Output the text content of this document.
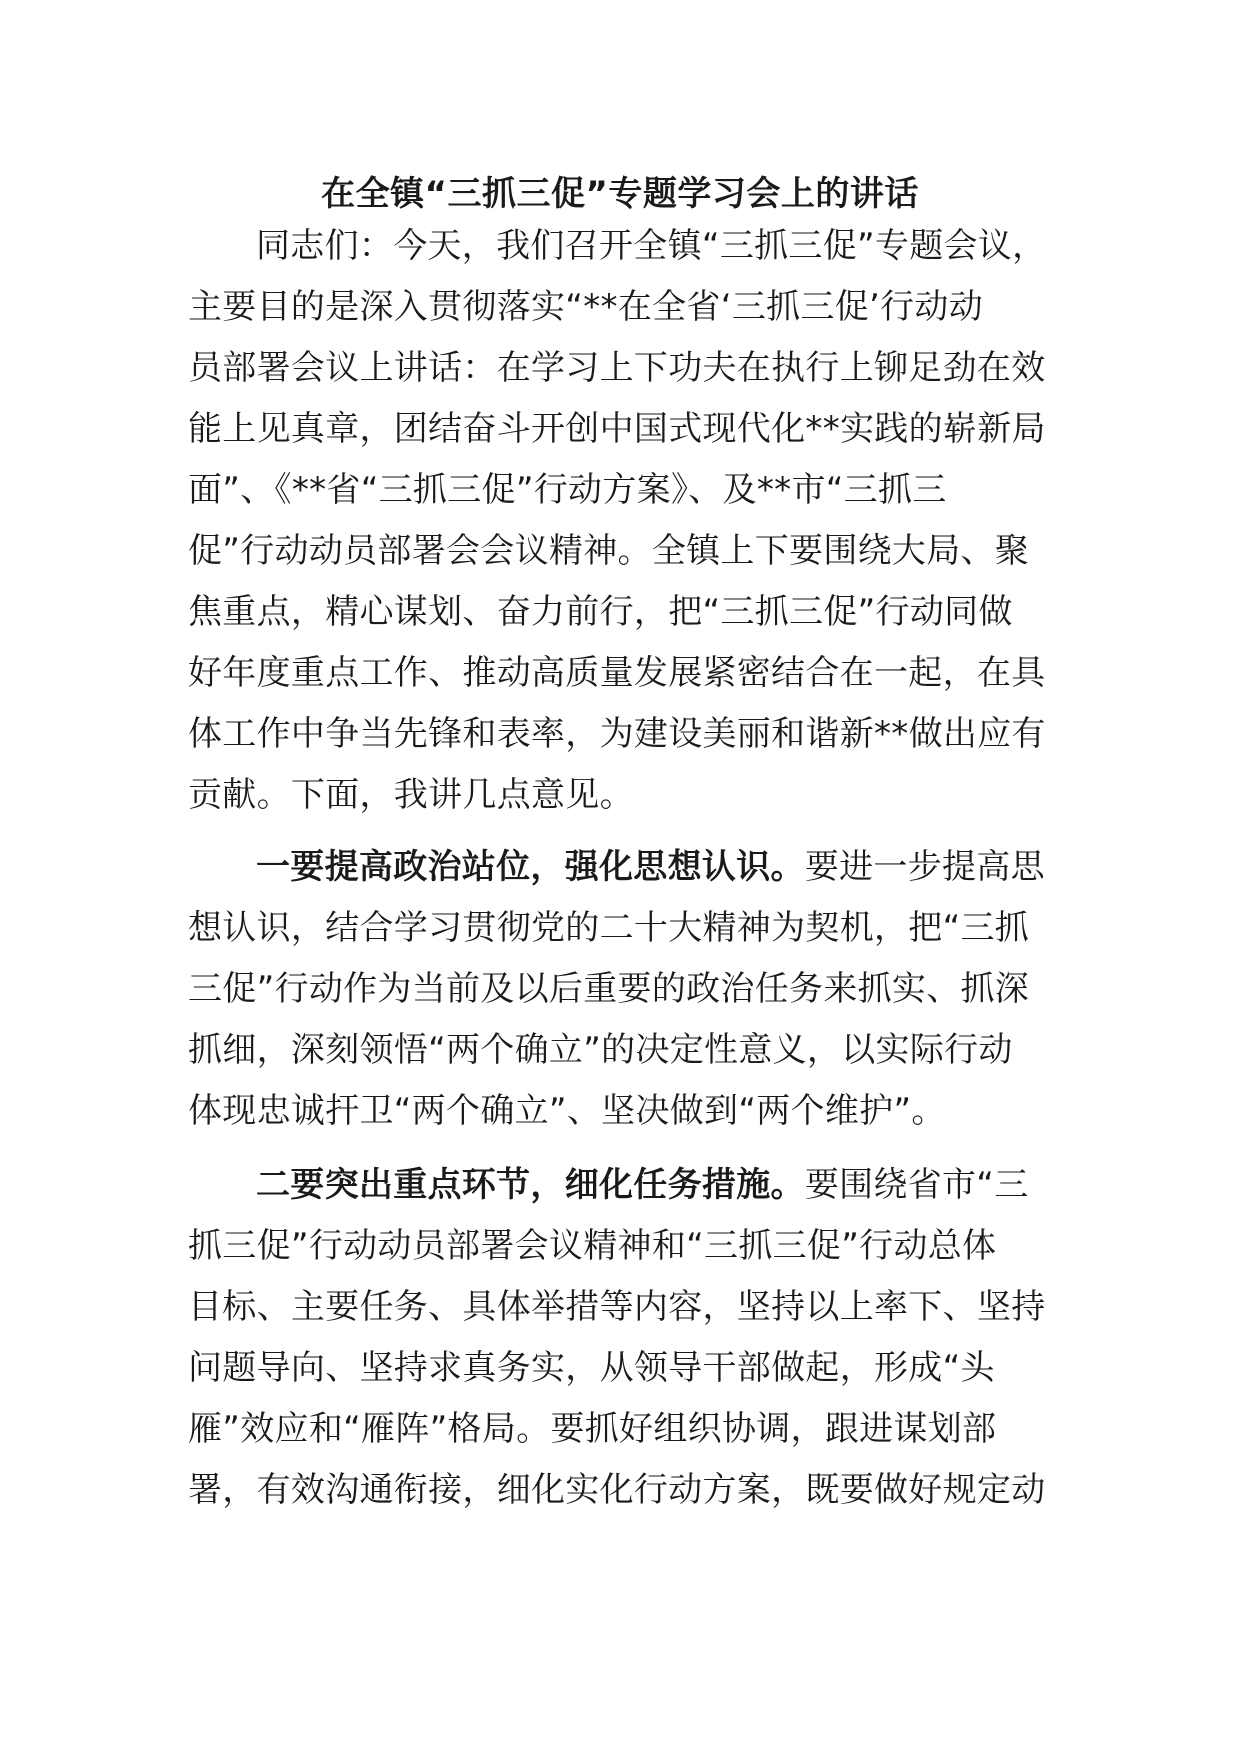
在全镇“三抓三促”专题学习会上的讲话
同志们：今天，我们召开全镇“三抓三促”专题会议，
主要目的是深入贯彻落实“**在全省‘三抓三促’行动动
员部署会议上讲话：在学习上下功夫在执行上铆足劲在效
能上见真章，团结奋斗开创中国式现代化**实践的崭新局
面”、《**省“三抓三促”行动方案》、及**市“三抓三
促”行动动员部署会会议精神。全镇上下要围绕大局、聚
焦重点，精心谋划、奋力前行，把“三抓三促”行动同做
好年度重点工作、推动高质量发展紧密结合在一起，在具
体工作中争当先锋和表率，为建设美丽和谐新**做出应有
贡献。下面，我讲几点意见。
一要提高政治站位，强化思想认识。要进一步提高思
想认识，结合学习贯彻党的二十大精神为契机，把“三抓
三促”行动作为当前及以后重要的政治任务来抓实、抓深
抓细，深刻领悟“两个确立”的决定性意义，以实际行动
体现忠诚扞卫“两个确立”、坚决做到“两个维护”。
二要突出重点环节，细化任务措施。要围绕省市“三
抓三促”行动动员部署会议精神和“三抓三促”行动总体
目标、主要任务、具体举措等内容，坚持以上率下、坚持
问题导向、坚持求真务实，从领导干部做起，形成“头
雁”效应和“雁阵”格局。要抓好组织协调，跟进谋划部
署，有效沟通衔接，细化实化行动方案，既要做好规定动
